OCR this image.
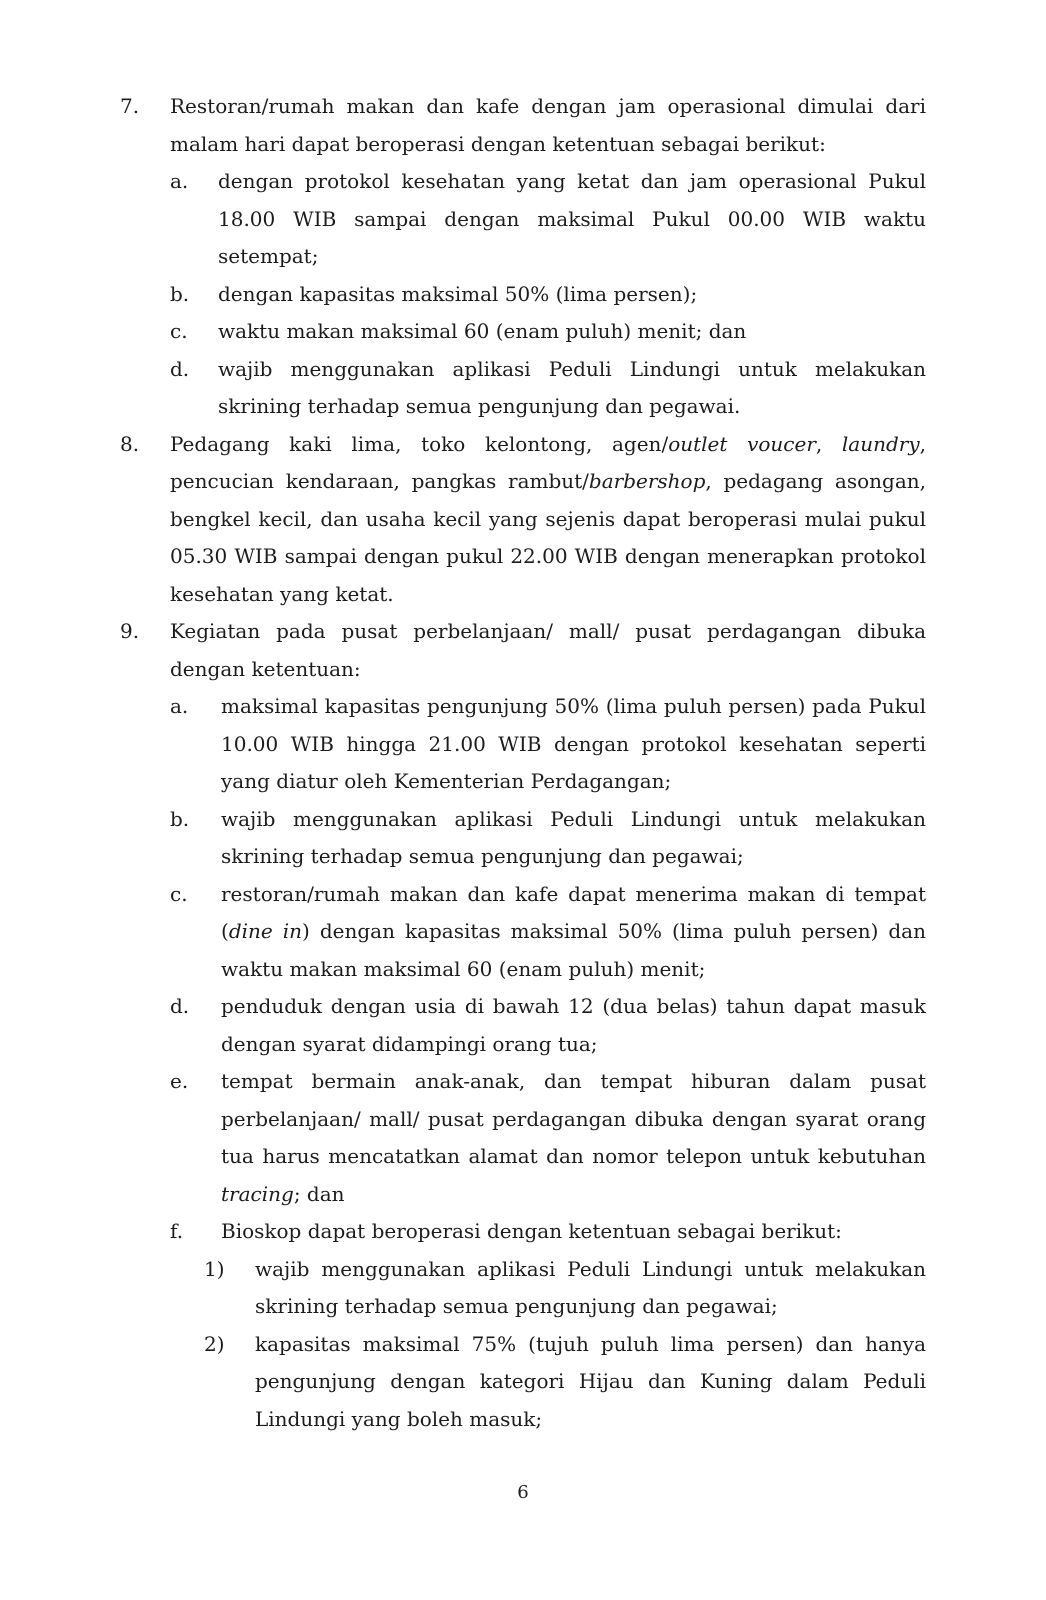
7. Restoran/rumah makan dan kafe dengan jam operasional dimulai dari malam hari dapat beroperasi dengan ketentuan sebagai berikut:
a. dengan protokol kesehatan yang ketat dan jam operasional Pukul 18.00 WIB sampai dengan maksimal Pukul 00.00 WIB waktu setempat;
b. dengan kapasitas maksimal 50% (lima persen);
c. waktu makan maksimal 60 (enam puluh) menit; dan
d. wajib menggunakan aplikasi Peduli Lindungi untuk melakukan skrining terhadap semua pengunjung dan pegawai.
8. Pedagang kaki lima, toko kelontong, agen/outlet voucer, laundry, pencucian kendaraan, pangkas rambut/barbershop, pedagang asongan, bengkel kecil, dan usaha kecil yang sejenis dapat beroperasi mulai pukul 05.30 WIB sampai dengan pukul 22.00 WIB dengan menerapkan protokol kesehatan yang ketat.
9. Kegiatan pada pusat perbelanjaan/ mall/ pusat perdagangan dibuka dengan ketentuan:
a. maksimal kapasitas pengunjung 50% (lima puluh persen) pada Pukul 10.00 WIB hingga 21.00 WIB dengan protokol kesehatan seperti yang diatur oleh Kementerian Perdagangan;
b. wajib menggunakan aplikasi Peduli Lindungi untuk melakukan skrining terhadap semua pengunjung dan pegawai;
c. restoran/rumah makan dan kafe dapat menerima makan di tempat (dine in) dengan kapasitas maksimal 50% (lima puluh persen) dan waktu makan maksimal 60 (enam puluh) menit;
d. penduduk dengan usia di bawah 12 (dua belas) tahun dapat masuk dengan syarat didampingi orang tua;
e. tempat bermain anak-anak, dan tempat hiburan dalam pusat perbelanjaan/ mall/ pusat perdagangan dibuka dengan syarat orang tua harus mencatatkan alamat dan nomor telepon untuk kebutuhan tracing; dan
f. Bioskop dapat beroperasi dengan ketentuan sebagai berikut:
1) wajib menggunakan aplikasi Peduli Lindungi untuk melakukan skrining terhadap semua pengunjung dan pegawai;
2) kapasitas maksimal 75% (tujuh puluh lima persen) dan hanya pengunjung dengan kategori Hijau dan Kuning dalam Peduli Lindungi yang boleh masuk;
6
